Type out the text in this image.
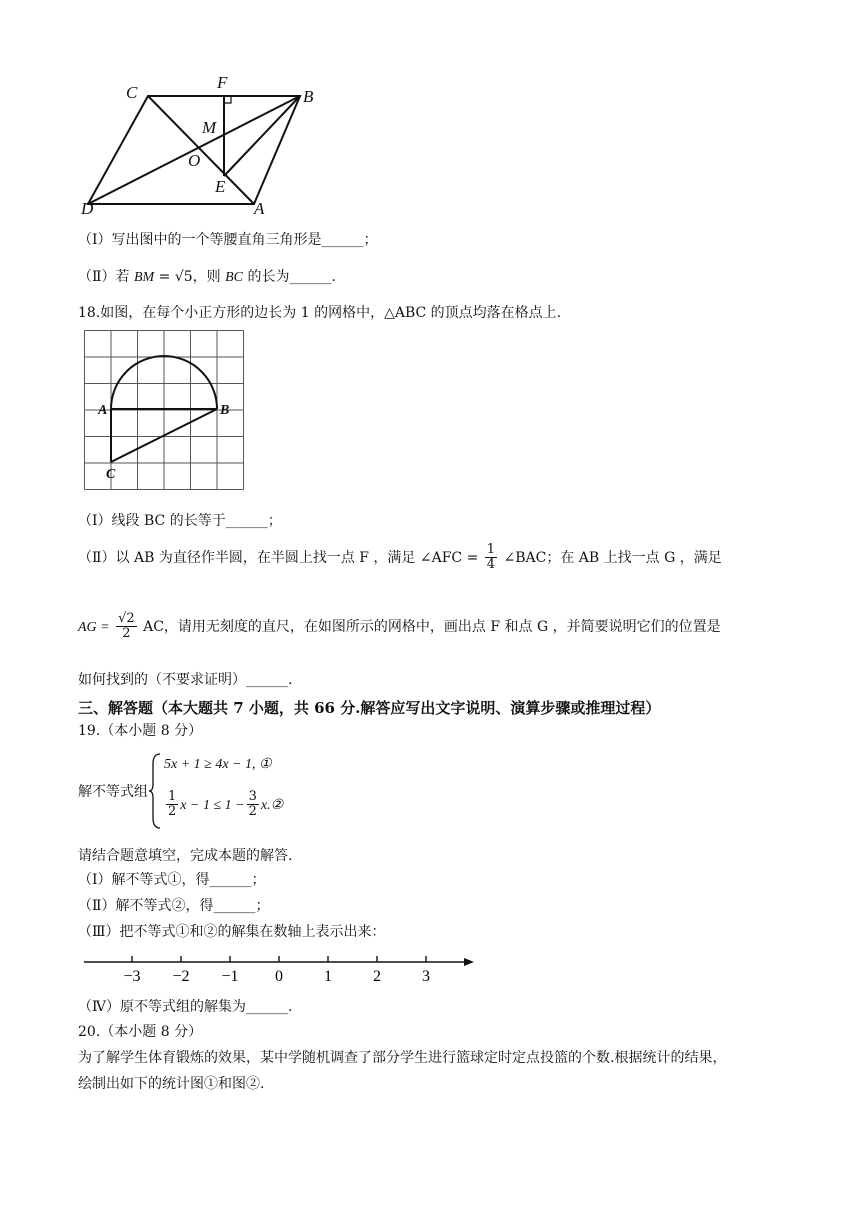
C
F
B
M
O
E
D	A
（Ⅰ）写出图中的一个等腰直角三角形是______；
（Ⅱ）若 BM = √5，则 BC 的长为______.
18.如图，在每个小正方形的边长为 1 的网格中，△ABC 的顶点均落在格点上.
A	B
C
（Ⅰ）线段 BC 的长等于______；
（Ⅱ）以 AB 为直径作半圆，在半圆上找一点 F ，满足 ∠AFC = $\frac{1}{4}$ ∠BAC；在 AB 上找一点 G ，满足
AG = $\frac{√2}{2}$ AC，请用无刻度的直尺，在如图所示的网格中，画出点 F 和点 G ，并简要说明它们的位置是
如何找到的（不要求证明）______.
三、解答题（本大题共 7 小题，共 66 分.解答应写出文字说明、演算步骤或推理过程）
19.（本小题 8 分）
解不等式组
5x + 1 ≥ 4x − 1, ①
$\frac{1}{2}$ $x - 1 \le 1 - \frac{3}{2}$ x.②
请结合题意填空，完成本题的解答.
（Ⅰ）解不等式①，得______；
（Ⅱ）解不等式②，得______；
（Ⅲ）把不等式①和②的解集在数轴上表示出来：
−3 −2 −1 0	1	2	3
（Ⅳ）原不等式组的解集为______.
20.（本小题 8 分）
为了解学生体育锻炼的效果，某中学随机调查了部分学生进行篮球定时定点投篮的个数.根据统计的结果，
绘制出如下的统计图①和图②.
